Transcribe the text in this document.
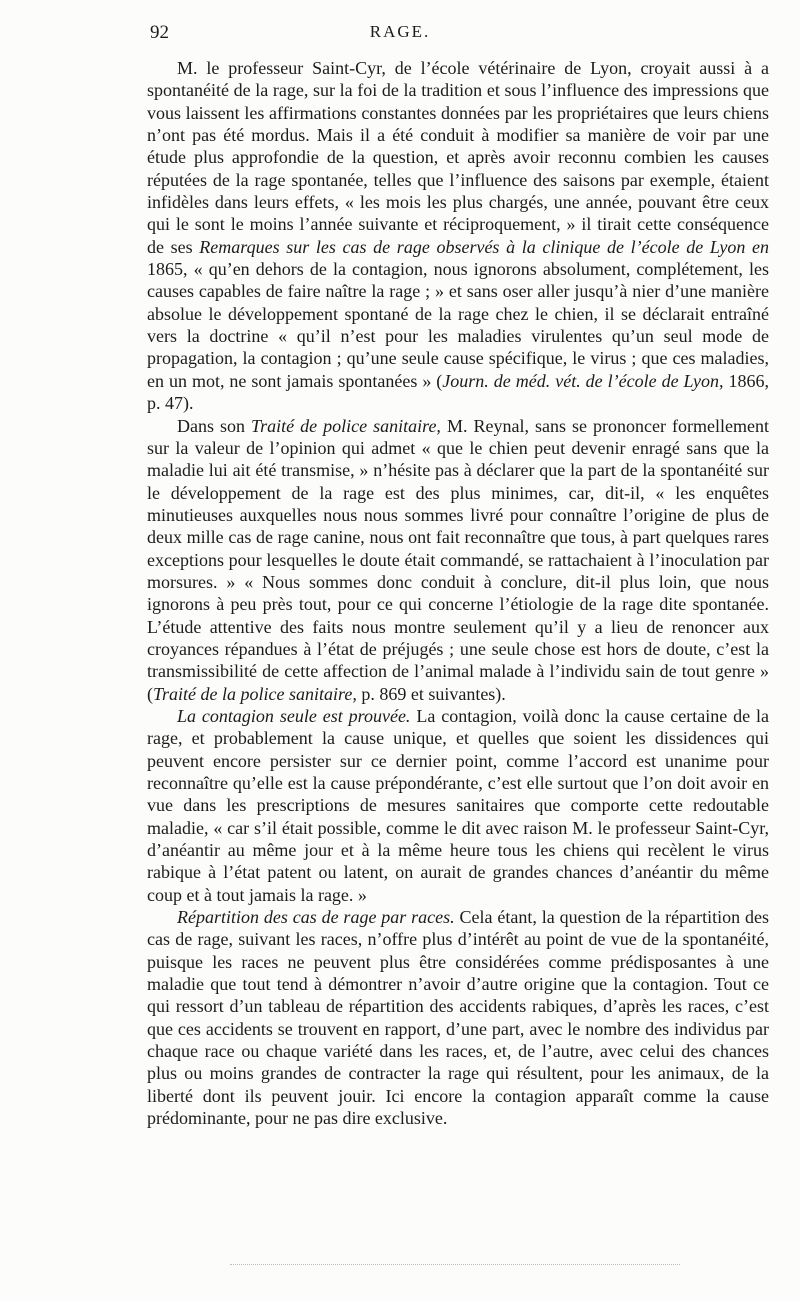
92	RAGE.

M. le professeur Saint-Cyr, de l’école vétérinaire de Lyon, croyait aussi à a spontanéité de la rage, sur la foi de la tradition et sous l’influence des impressions que vous laissent les affirmations constantes données par les propriétaires que leurs chiens n’ont pas été mordus. Mais il a été conduit à modifier sa manière de voir par une étude plus approfondie de la question, et après avoir reconnu combien les causes réputées de la rage spontanée, telles que l’influence des saisons par exemple, étaient infidèles dans leurs effets, « les mois les plus chargés, une année, pouvant être ceux qui le sont le moins l’année suivante et réciproquement, » il tirait cette conséquence de ses Remarques sur les cas de rage observés à la clinique de l’école de Lyon en 1865, « qu’en dehors de la contagion, nous ignorons absolument, complétement, les causes capables de faire naître la rage ; » et sans oser aller jusqu’à nier d’une manière absolue le développement spontané de la rage chez le chien, il se déclarait entraîné vers la doctrine « qu’il n’est pour les maladies virulentes qu’un seul mode de propagation, la contagion ; qu’une seule cause spécifique, le virus ; que ces maladies, en un mot, ne sont jamais spontanées » (Journ. de méd. vét. de l’école de Lyon, 1866, p. 47).

Dans son Traité de police sanitaire, M. Reynal, sans se prononcer formellement sur la valeur de l’opinion qui admet « que le chien peut devenir enragé sans que la maladie lui ait été transmise, » n’hésite pas à déclarer que la part de la spontanéité sur le développement de la rage est des plus minimes, car, dit-il, « les enquêtes minutieuses auxquelles nous nous sommes livré pour connaître l’origine de plus de deux mille cas de rage canine, nous ont fait reconnaître que tous, à part quelques rares exceptions pour lesquelles le doute était commandé, se rattachaient à l’inoculation par morsures. » « Nous sommes donc conduit à conclure, dit-il plus loin, que nous ignorons à peu près tout, pour ce qui concerne l’étiologie de la rage dite spontanée. L’étude attentive des faits nous montre seulement qu’il y a lieu de renoncer aux croyances répandues à l’état de préjugés ; une seule chose est hors de doute, c’est la transmissibilité de cette affection de l’animal malade à l’individu sain de tout genre » (Traité de la police sanitaire, p. 869 et suivantes).

La contagion seule est prouvée. La contagion, voilà donc la cause certaine de la rage, et probablement la cause unique, et quelles que soient les dissidences qui peuvent encore persister sur ce dernier point, comme l’accord est unanime pour reconnaître qu’elle est la cause prépondérante, c’est elle surtout que l’on doit avoir en vue dans les prescriptions de mesures sanitaires que comporte cette redoutable maladie, « car s’il était possible, comme le dit avec raison M. le professeur Saint-Cyr, d’anéantir au même jour et à la même heure tous les chiens qui recèlent le virus rabique à l’état patent ou latent, on aurait de grandes chances d’anéantir du même coup et à tout jamais la rage. »

Répartition des cas de rage par races. Cela étant, la question de la répartition des cas de rage, suivant les races, n’offre plus d’intérêt au point de vue de la spontanéité, puisque les races ne peuvent plus être considérées comme prédisposantes à une maladie que tout tend à démontrer n’avoir d’autre origine que la contagion. Tout ce qui ressort d’un tableau de répartition des accidents rabiques, d’après les races, c’est que ces accidents se trouvent en rapport, d’une part, avec le nombre des individus par chaque race ou chaque variété dans les races, et, de l’autre, avec celui des chances plus ou moins grandes de contracter la rage qui résultent, pour les animaux, de la liberté dont ils peuvent jouir. Ici encore la contagion apparaît comme la cause prédominante, pour ne pas dire exclusive.
